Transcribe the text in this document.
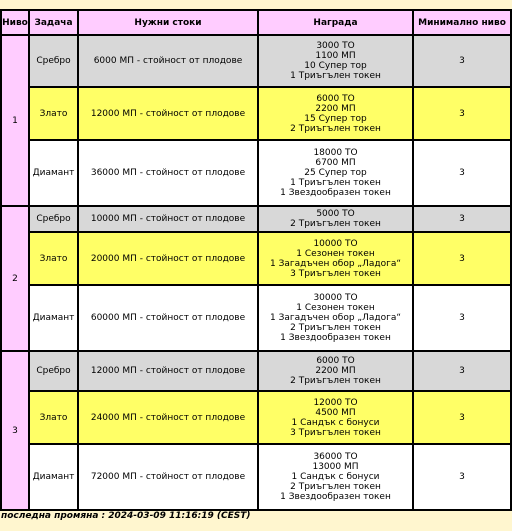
Ниво	Задача	Нужни стоки	Награда	Минимално ниво
1	Сребро	6000 МП - стойност от плодове	3000 ТО
1100 МП
10 Супер тор
1 Триъгълен токен	3
	Злато	12000 МП - стойност от плодове	6000 ТО
2200 МП
15 Супер тор
2 Триъгълен токен	3
	Диамант	36000 МП - стойност от плодове	18000 ТО
6700 МП
25 Супер тор
1 Триъгълен токен
1 Звездообразен токен	3
2	Сребро	10000 МП - стойност от плодове	5000 ТО
2 Триъгълен токен	3
	Злато	20000 МП - стойност от плодове	10000 ТО
1 Сезонен токен
1 Загадъчен обор „Ладога“
3 Триъгълен токен	3
	Диамант	60000 МП - стойност от плодове	30000 ТО
1 Сезонен токен
1 Загадъчен обор „Ладога“
2 Триъгълен токен
1 Звездообразен токен	3
3	Сребро	12000 МП - стойност от плодове	6000 ТО
2200 МП
2 Триъгълен токен	3
	Злато	24000 МП - стойност от плодове	12000 ТО
4500 МП
1 Сандък с бонуси
3 Триъгълен токен	3
	Диамант	72000 МП - стойност от плодове	36000 ТО
13000 МП
1 Сандък с бонуси
2 Триъгълен токен
1 Звездообразен токен	3
последна промяна : 2024-03-09 11:16:19 (CEST)
